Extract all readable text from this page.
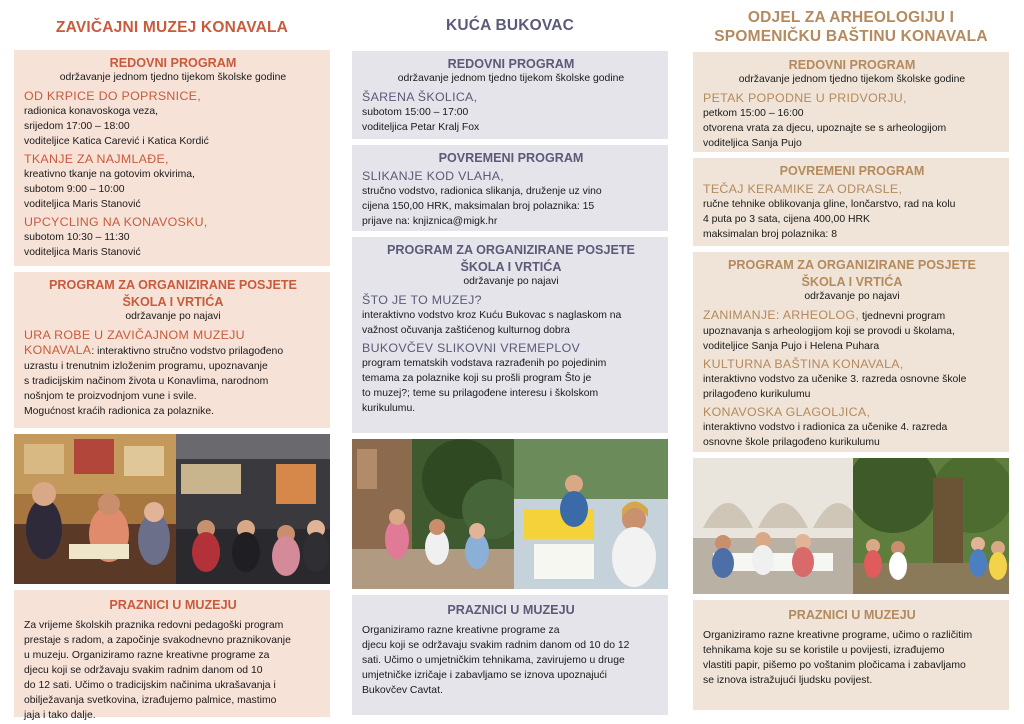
ZAVIČAJNI MUZEJ KONAVALA
REDOVNI PROGRAM
održavanje jednom tjedno tijekom školske godine
OD KRPICE DO POPRSNICE,
radionica konavoskoga veza,
srijedom 17:00 – 18:00
voditeljice Katica Carević i Katica Kordić
TKANJE ZA NAJMLAĐE,
kreativno tkanje na gotovim okvirima,
subotom 9:00 – 10:00
voditeljica Maris Stanović
UPCYCLING NA KONAVOSKU,
subotom 10:30 – 11:30
voditeljica Maris Stanović
PROGRAM ZA ORGANIZIRANE POSJETE
ŠKOLA I VRTIĆA
održavanje po najavi
URA ROBE U ZAVIČAJNOM MUZEJU
KONAVALA: interaktivno stručno vodstvo prilagođeno
uzrastu i trenutnim izloženim programu, upoznavanje
s tradicijskim načinom života u Konavlima, narodnom
nošnjom te proizvodnjom vune i svile.
Mogućnost kraćih radionica za polaznike.
PRAZNICI U MUZEJU
Za vrijeme školskih praznika redovni pedagoški program
prestaje s radom, a započinje svakodnevno praznikovanje
u muzeju. Organiziramo razne kreativne programe za
djecu koji se održavaju svakim radnim danom od 10
do 12 sati. Učimo o tradicijskim načinima ukrašavanja i
obilježavanja svetkovina, izrađujemo palmice, mastimo
jaja i tako dalje.
KUĆA BUKOVAC
REDOVNI PROGRAM
održavanje jednom tjedno tijekom školske godine
ŠARENA ŠKOLICA,
subotom 15:00 – 17:00
voditeljica Petar Kralj Fox
POVREMENI PROGRAM
SLIKANJE KOD VLAHA,
stručno vodstvo, radionica slikanja, druženje uz vino
cijena 150,00 HRK, maksimalan broj polaznika: 15
prijave na: knjiznica@migk.hr
PROGRAM ZA ORGANIZIRANE POSJETE
ŠKOLA I VRTIĆA
održavanje po najavi
ŠTO JE TO MUZEJ?
interaktivno vodstvo kroz Kuću Bukovac s naglaskom na
važnost očuvanja zaštićenog kulturnog dobra
BUKOVČEV SLIKOVNI VREMEPLOV
program tematskih vodstava razrađenih po pojedinim
temama za polaznike koji su prošli program Što je
to muzej?; teme su prilagođene interesu i školskom
kurikulumu.
PRAZNICI U MUZEJU
Organiziramo razne kreativne programe za
djecu koji se održavaju svakim radnim danom od 10 do 12
sati. Učimo o umjetničkim tehnikama, zavirujemo u druge
umjetničke izričaje i zabavljamo se iznova upoznajući
Bukovčev Cavtat.
ODJEL ZA ARHEOLOGIJU I
SPOMENIČKU BAŠTINU KONAVALA
REDOVNI PROGRAM
održavanje jednom tjedno tijekom školske godine
PETAK POPODNE U PRIDVORJU,
petkom 15:00 – 16:00
otvorena vrata za djecu, upoznajte se s arheologijom
voditeljica Sanja Pujo
POVREMENI PROGRAM
TEČAJ KERAMIKE ZA ODRASLE,
ručne tehnike oblikovanja gline, lončarstvo, rad na kolu
4 puta po 3 sata, cijena 400,00 HRK
maksimalan broj polaznika: 8
PROGRAM ZA ORGANIZIRANE POSJETE
ŠKOLA I VRTIĆA
održavanje po najavi
ZANIMANJE: ARHEOLOG, tjednevni program
upoznavanja s arheologijom koji se provodi u školama,
voditeljice Sanja Pujo i Helena Puhara
KULTURNA BAŠTINA KONAVALA,
interaktivno vodstvo za učenike 3. razreda osnovne škole
prilagođeno kurikulumu
KONAVOSKA GLAGOLJICA,
interaktivno vodstvo i radionica za učenike 4. razreda
osnovne škole prilagođeno kurikulumu
PRAZNICI U MUZEJU
Organiziramo razne kreativne programe, učimo o različitim
tehnikama koje su se koristile u povijesti, izrađujemo
vlastiti papir, pišemo po voštanim pločicama i zabavljamo
se iznova istražujući ljudsku povijest.
